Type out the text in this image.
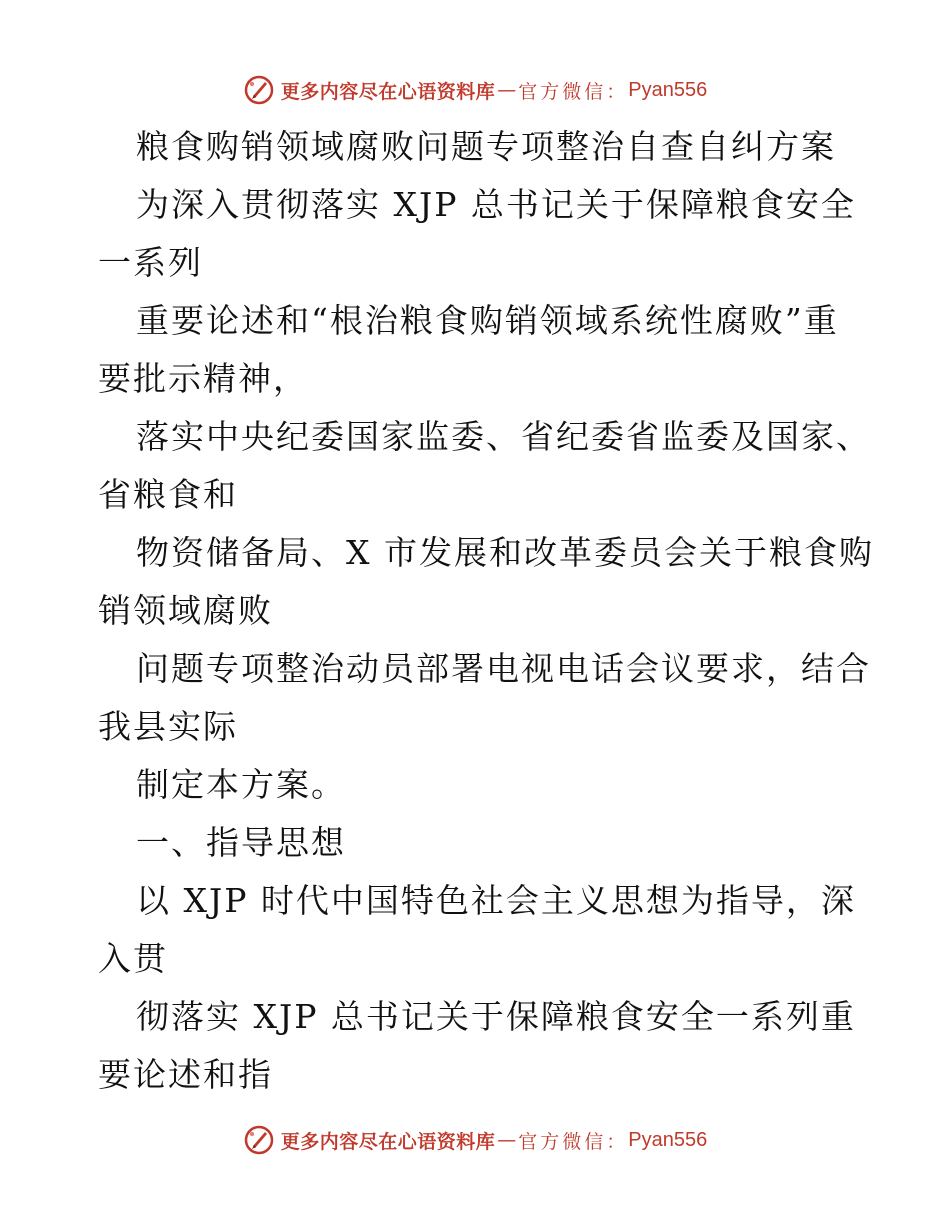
更多内容尽在心语资料库 — 官方微信： Pyan556
粮食购销领域腐败问题专项整治自查自纠方案
为深入贯彻落实 XJP 总书记关于保障粮食安全
一系列
重要论述和“根治粮食购销领域系统性腐败”重
要批示精神，
落实中央纪委国家监委、省纪委省监委及国家、
省粮食和
物资储备局、X 市发展和改革委员会关于粮食购
销领域腐败
问题专项整治动员部署电视电话会议要求，结合
我县实际
制定本方案。
一、指导思想
以 XJP 时代中国特色社会主义思想为指导，深
入贯
彻落实 XJP 总书记关于保障粮食安全一系列重
要论述和指
更多内容尽在心语资料库 — 官方微信： Pyan556
